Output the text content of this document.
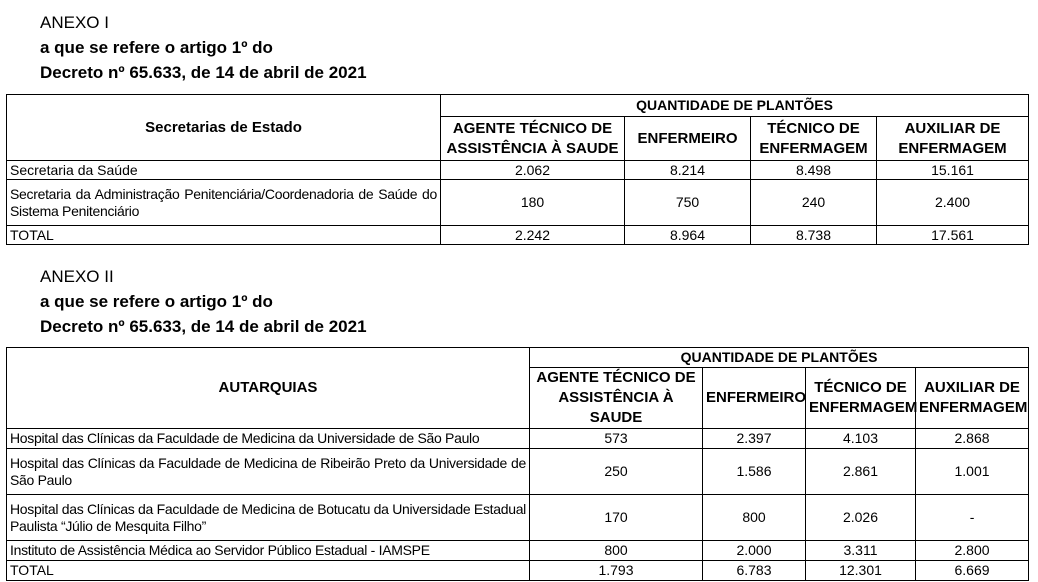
ANEXO I
a que se refere o artigo 1º do
Decreto nº 65.633, de 14 de abril de 2021
Secretarias de Estado	QUANTIDADE DE PLANTÕES			
	AGENTE TÉCNICO DE ASSISTÊNCIA À SAUDE	ENFERMEIRO	TÉCNICO DE ENFERMAGEM	AUXILIAR DE ENFERMAGEM
Secretaria da Saúde	2.062	8.214	8.498	15.161
Secretaria da Administração Penitenciária/Coordenadoria de Saúde do Sistema Penitenciário	180	750	240	2.400
TOTAL	2.242	8.964	8.738	17.561
ANEXO II
a que se refere o artigo 1º do
Decreto nº 65.633, de 14 de abril de 2021
AUTARQUIAS	QUANTIDADE DE PLANTÕES			
	AGENTE TÉCNICO DE ASSISTÊNCIA À SAUDE	ENFERMEIRO	TÉCNICO DE ENFERMAGEM	AUXILIAR DE ENFERMAGEM
Hospital das Clínicas da Faculdade de Medicina da Universidade de São Paulo	573	2.397	4.103	2.868
Hospital das Clínicas da Faculdade de Medicina de Ribeirão Preto da Universidade de São Paulo	250	1.586	2.861	1.001
Hospital das Clínicas da Faculdade de Medicina de Botucatu da Universidade Estadual Paulista “Júlio de Mesquita Filho”	170	800	2.026	-
Instituto de Assistência Médica ao Servidor Público Estadual - IAMSPE	800	2.000	3.311	2.800
TOTAL	1.793	6.783	12.301	6.669
